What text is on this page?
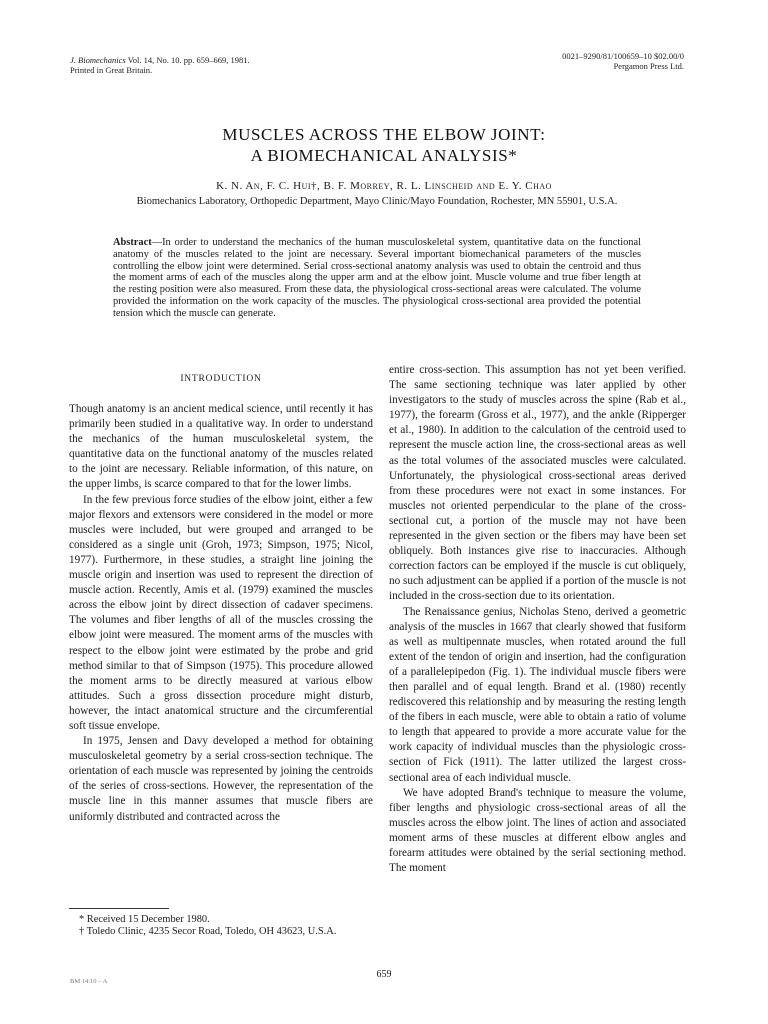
J. Biomechanics Vol. 14, No. 10. pp. 659–669, 1981.
Printed in Great Britain.
0021–9290/81/100659–10 $02.00/0
Pergamon Press Ltd.
MUSCLES ACROSS THE ELBOW JOINT:
A BIOMECHANICAL ANALYSIS*
K. N. An, F. C. Hui†, B. F. Morrey, R. L. Linscheid and E. Y. Chao
Biomechanics Laboratory, Orthopedic Department, Mayo Clinic/Mayo Foundation, Rochester, MN 55901, U.S.A.
Abstract—In order to understand the mechanics of the human musculoskeletal system, quantitative data on the functional anatomy of the muscles related to the joint are necessary. Several important biomechanical parameters of the muscles controlling the elbow joint were determined. Serial cross-sectional anatomy analysis was used to obtain the centroid and thus the moment arms of each of the muscles along the upper arm and at the elbow joint. Muscle volume and true fiber length at the resting position were also measured. From these data, the physiological cross-sectional areas were calculated. The volume provided the information on the work capacity of the muscles. The physiological cross-sectional area provided the potential tension which the muscle can generate.
INTRODUCTION

Though anatomy is an ancient medical science, until recently it has primarily been studied in a qualitative way. In order to understand the mechanics of the human musculoskeletal system, the quantitative data on the functional anatomy of the muscles related to the joint are necessary. Reliable information, of this nature, on the upper limbs, is scarce compared to that for the lower limbs.

In the few previous force studies of the elbow joint, either a few major flexors and extensors were considered in the model or more muscles were included, but were grouped and arranged to be considered as a single unit (Groh, 1973; Simpson, 1975; Nicol, 1977). Furthermore, in these studies, a straight line joining the muscle origin and insertion was used to represent the direction of muscle action. Recently, Amis et al. (1979) examined the muscles across the elbow joint by direct dissection of cadaver specimens. The volumes and fiber lengths of all of the muscles crossing the elbow joint were measured. The moment arms of the muscles with respect to the elbow joint were estimated by the probe and grid method similar to that of Simpson (1975). This procedure allowed the moment arms to be directly measured at various elbow attitudes. Such a gross dissection procedure might disturb, however, the intact anatomical structure and the circumferential soft tissue envelope.

In 1975, Jensen and Davy developed a method for obtaining musculoskeletal geometry by a serial cross-section technique. The orientation of each muscle was represented by joining the centroids of the series of cross-sections. However, the representation of the muscle line in this manner assumes that muscle fibers are uniformly distributed and contracted across the

entire cross-section. This assumption has not yet been verified. The same sectioning technique was later applied by other investigators to the study of muscles across the spine (Rab et al., 1977), the forearm (Gross et al., 1977), and the ankle (Ripperger et al., 1980). In addition to the calculation of the centroid used to represent the muscle action line, the cross-sectional areas as well as the total volumes of the associated muscles were calculated. Unfortunately, the physiological cross-sectional areas derived from these procedures were not exact in some instances. For muscles not oriented perpendicular to the plane of the cross-sectional cut, a portion of the muscle may not have been represented in the given section or the fibers may have been set obliquely. Both instances give rise to inaccuracies. Although correction factors can be employed if the muscle is cut obliquely, no such adjustment can be applied if a portion of the muscle is not included in the cross-section due to its orientation.

The Renaissance genius, Nicholas Steno, derived a geometric analysis of the muscles in 1667 that clearly showed that fusiform as well as multipennate muscles, when rotated around the full extent of the tendon of origin and insertion, had the configuration of a parallelepipedon (Fig. 1). The individual muscle fibers were then parallel and of equal length. Brand et al. (1980) recently rediscovered this relationship and by measuring the resting length of the fibers in each muscle, were able to obtain a ratio of volume to length that appeared to provide a more accurate value for the work capacity of individual muscles than the physiologic cross-section of Fick (1911). The latter utilized the largest cross-sectional area of each individual muscle.

We have adopted Brand's technique to measure the volume, fiber lengths and physiologic cross-sectional areas of all the muscles across the elbow joint. The lines of action and associated moment arms of these muscles at different elbow angles and forearm attitudes were obtained by the serial sectioning method. The moment

* Received 15 December 1980.

† Toledo Clinic, 4235 Secor Road, Toledo, OH 43623, U.S.A.

659
BM 14:10 – A
